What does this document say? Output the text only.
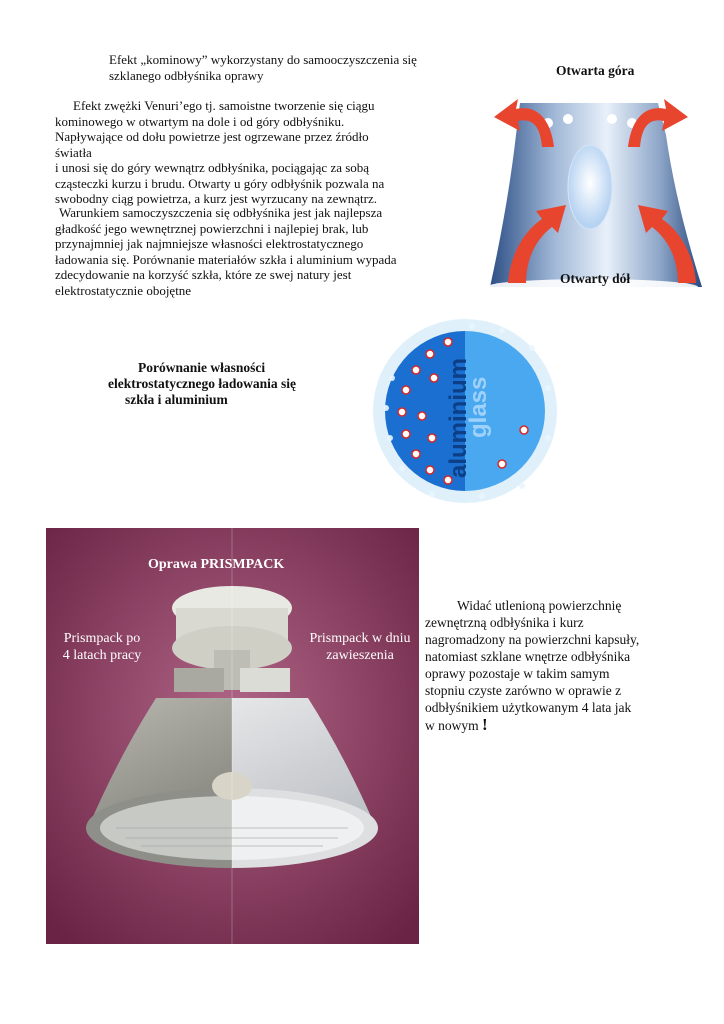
Efekt „kominowy” wykorzystany do samooczyszczenia się
szklanego odbłyśnika oprawy
Efekt zwężki Venuri’ego tj. samoistne tworzenie się ciągu
kominowego w otwartym na dole i od góry odbłyśniku.
Napływające od dołu powietrze jest ogrzewane przez źródło światła
i unosi się do góry wewnątrz odbłyśnika, pociągając za sobą
cząsteczki kurzu i brudu. Otwarty u góry odbłyśnik pozwala na
swobodny ciąg powietrza, a kurz jest wyrzucany na zewnątrz.
Warunkiem samoczyszczenia się odbłyśnika jest jak najlepsza
gładkość jego wewnętrznej powierzchni i najlepiej brak, lub
przynajmniej jak najmniejsze własności elektrostatycznego
ładowania się. Porównanie materiałów szkła i aluminium wypada
zdecydowanie na korzyść szkła, które ze swej natury jest
elektrostatycznie obojętne
Porównanie własności
elektrostatycznego ładowania się
szkła i aluminium
Otwarta góra
Otwarty dół
aluminium
glass
Oprawa PRISMPACK
Prismpack po
4 latach pracy
Prismpack w dniu
zawieszenia
Widać utlenioną powierzchnię
zewnętrzną odbłyśnika i kurz
nagromadzony na powierzchni kapsuły,
natomiast szklane wnętrze odbłyśnika
oprawy pozostaje w takim samym
stopniu czyste zarówno w oprawie z
odbłyśnikiem użytkowanym 4 lata jak
w nowym !
